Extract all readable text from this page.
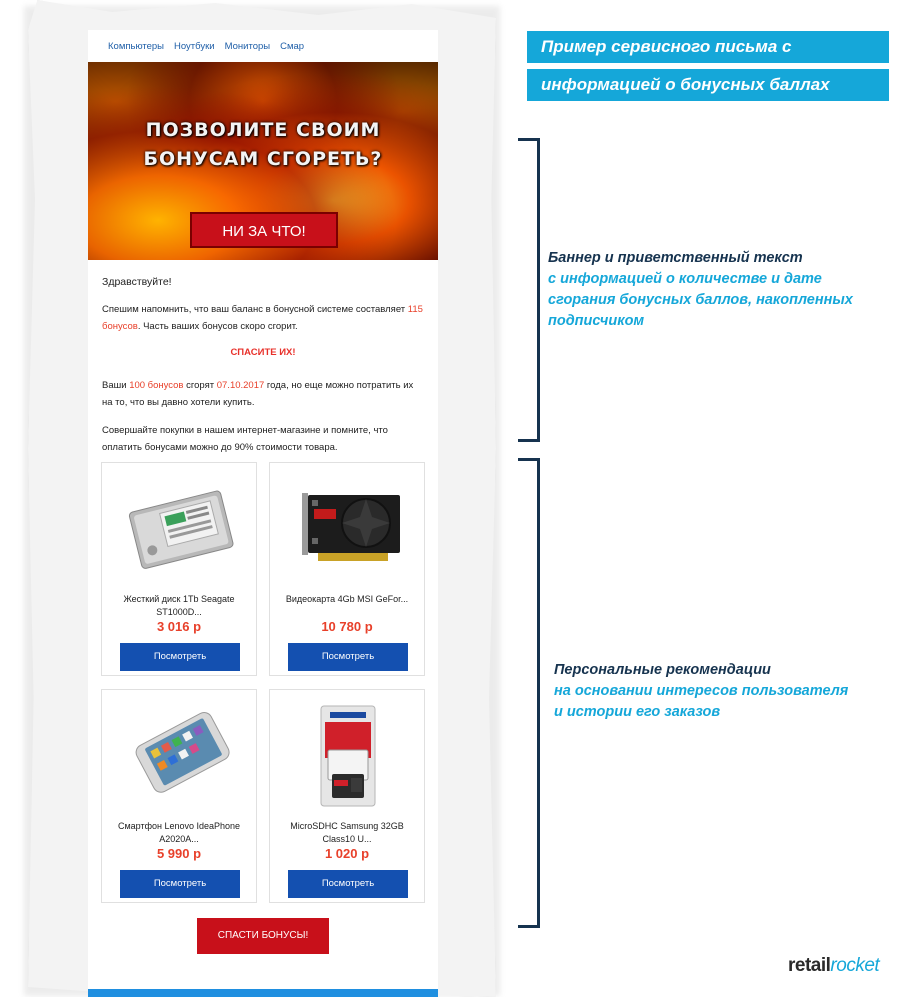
Компьютеры Ноутбуки Мониторы Смар
ПОЗВОЛИТЕ СВОИМ
БОНУСАМ СГОРЕТЬ?
НИ ЗА ЧТО!
Здравствуйте!

Спешим напомнить, что ваш баланс в бонусной системе составляет 115 бонусов. Часть ваших бонусов скоро сгорит.

СПАСИТЕ ИХ!

Ваши 100 бонусов сгорят 07.10.2017 года, но еще можно потратить их на то, что вы давно хотели купить.

Совершайте покупки в нашем интернет-магазине и помните, что оплатить бонусами можно до 90% стоимости товара.

Жесткий диск 1Tb Seagate ST1000D...
3 016 р
Посмотреть
Видеокарта 4Gb MSI GeFor...
10 780 р
Посмотреть
Смартфон Lenovo IdeaPhone A2020A...
5 990 р
Посмотреть
MicroSDHC Samsung 32GB Class10 U...
1 020 р
Посмотреть
СПАСТИ БОНУСЫ!
Пример сервисного письма с
информацией о бонусных баллах
Баннер и приветственный текст
с информацией о количестве и дате
сгорания бонусных баллов, накопленных
подписчиком
Персональные рекомендации
на основании интересов пользователя
и истории его заказов
retailrocket
